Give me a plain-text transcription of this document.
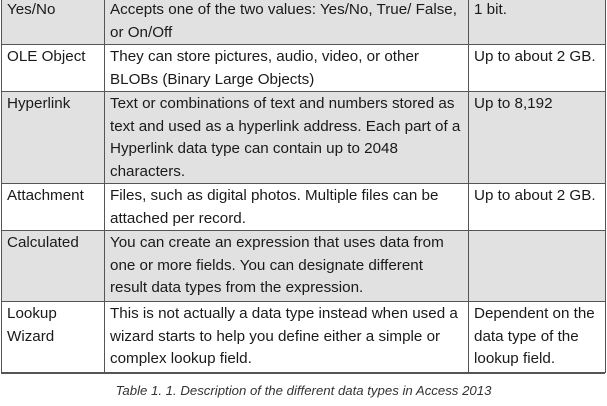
Yes/No	Accepts one of the two values: Yes/No, True/ False, or On/Off	1 bit.
OLE Object	They can store pictures, audio, video, or other BLOBs (Binary Large Objects)	Up to about 2 GB.
Hyperlink	Text or combinations of text and numbers stored as text and used as a hyperlink address. Each part of a Hyperlink data type can contain up to 2048 characters.	Up to 8,192
Attachment	Files, such as digital photos. Multiple files can be attached per record.	Up to about 2 GB.
Calculated	You can create an expression that uses data from one or more fields. You can designate different result data types from the expression.	
Lookup Wizard	This is not actually a data type instead when used a wizard starts to help you define either a simple or complex lookup field.	Dependent on the data type of the lookup field.
Table 1. 1. Description of the different data types in Access 2013
